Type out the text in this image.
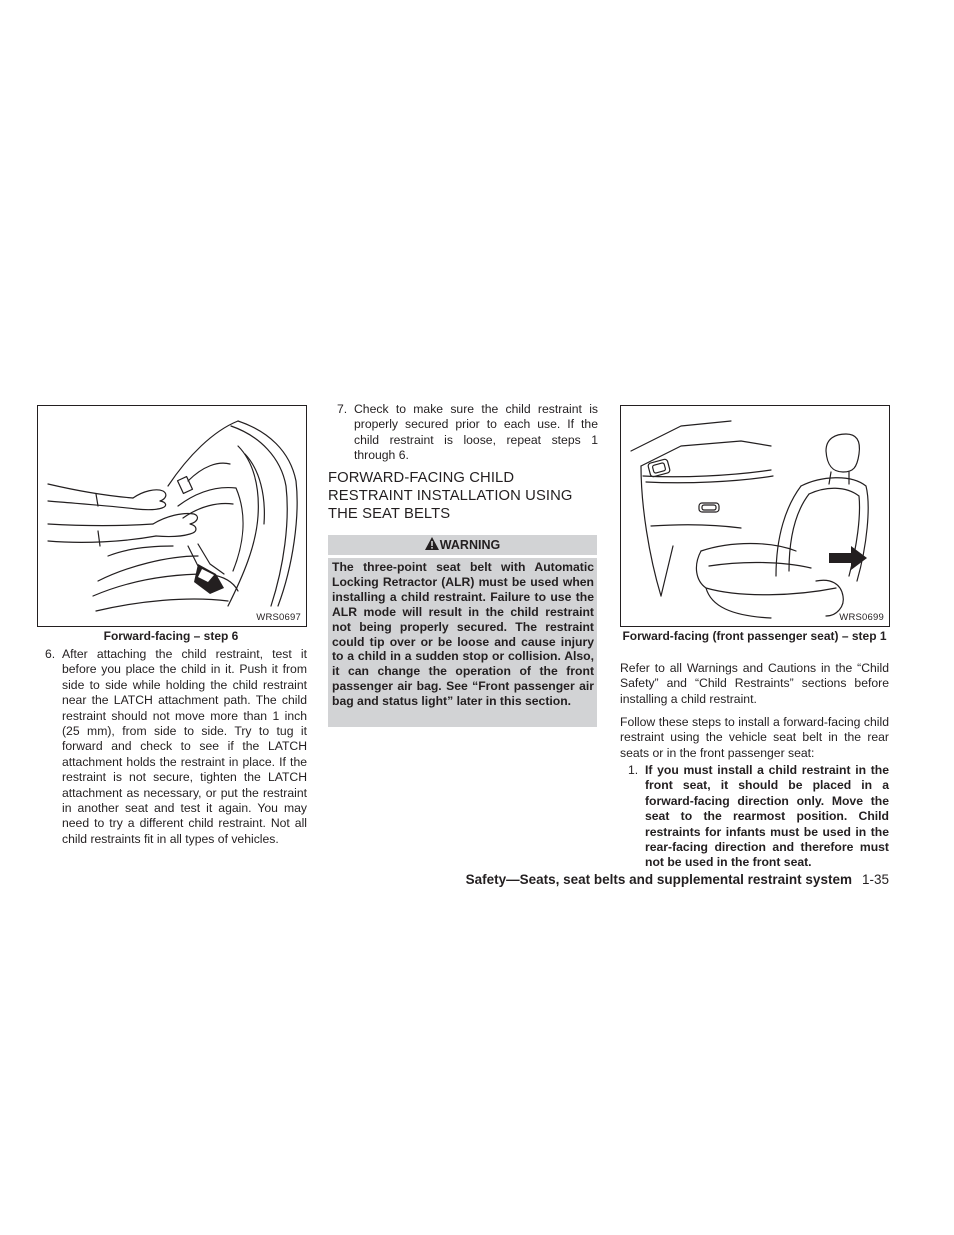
WRS0697
Forward-facing – step 6
6. After attaching the child restraint, test it before you place the child in it. Push it from side to side while holding the child restraint near the LATCH attachment path. The child restraint should not move more than 1 inch (25 mm), from side to side. Try to tug it forward and check to see if the LATCH attachment holds the restraint in place. If the restraint is not secure, tighten the LATCH attachment as necessary, or put the restraint in another seat and test it again. You may need to try a different child restraint. Not all child restraints fit in all types of vehicles.
7. Check to make sure the child restraint is properly secured prior to each use. If the child restraint is loose, repeat steps 1 through 6.
FORWARD-FACING CHILD RESTRAINT INSTALLATION USING THE SEAT BELTS
WARNING
The three-point seat belt with Automatic Locking Retractor (ALR) must be used when installing a child restraint. Failure to use the ALR mode will result in the child restraint not being properly secured. The restraint could tip over or be loose and cause injury to a child in a sudden stop or collision. Also, it can change the operation of the front passenger air bag. See “Front passenger air bag and status light” later in this section.
WRS0699
Forward-facing (front passenger seat) – step 1
Refer to all Warnings and Cautions in the “Child Safety” and “Child Restraints” sections before installing a child restraint.
Follow these steps to install a forward-facing child restraint using the vehicle seat belt in the rear seats or in the front passenger seat:
1. If you must install a child restraint in the front seat, it should be placed in a forward-facing direction only. Move the seat to the rearmost position. Child restraints for infants must be used in the rear-facing direction and therefore must not be used in the front seat.
Safety—Seats, seat belts and supplemental restraint system 1-35
